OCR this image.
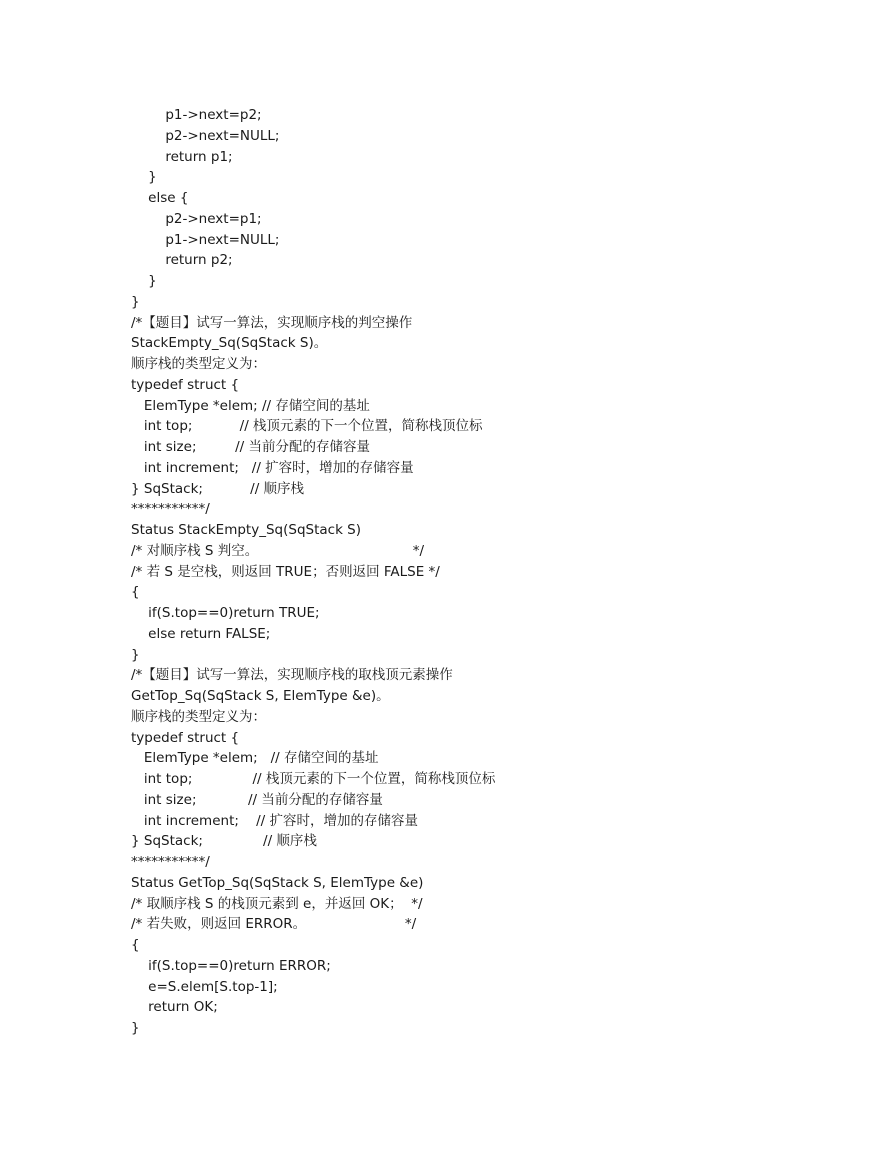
p1->next=p2;
p2->next=NULL;
return p1;
}
else {
p2->next=p1;
p1->next=NULL;
return p2;
}
}
/*【题目】试写一算法，实现顺序栈的判空操作
StackEmpty_Sq(SqStack S)。
顺序栈的类型定义为：
typedef struct {
ElemType *elem; // 存储空间的基址
int top;           // 栈顶元素的下一个位置，简称栈顶位标
int size;         // 当前分配的存储容量
int increment;   // 扩容时，增加的存储容量
} SqStack;           // 顺序栈
***********/
Status StackEmpty_Sq(SqStack S)
/* 对顺序栈 S 判空。                                    */
/* 若 S 是空栈，则返回 TRUE；否则返回 FALSE */
{
if(S.top==0)return TRUE;
else return FALSE;
}
/*【题目】试写一算法，实现顺序栈的取栈顶元素操作
GetTop_Sq(SqStack S, ElemType &e)。
顺序栈的类型定义为：
typedef struct {
ElemType *elem;   // 存储空间的基址
int top;              // 栈顶元素的下一个位置，简称栈顶位标
int size;            // 当前分配的存储容量
int increment;    // 扩容时，增加的存储容量
} SqStack;              // 顺序栈
***********/
Status GetTop_Sq(SqStack S, ElemType &e)
/* 取顺序栈 S 的栈顶元素到 e，并返回 OK；  */
/* 若失败，则返回 ERROR。                       */
{
if(S.top==0)return ERROR;
e=S.elem[S.top-1];
return OK;
}
